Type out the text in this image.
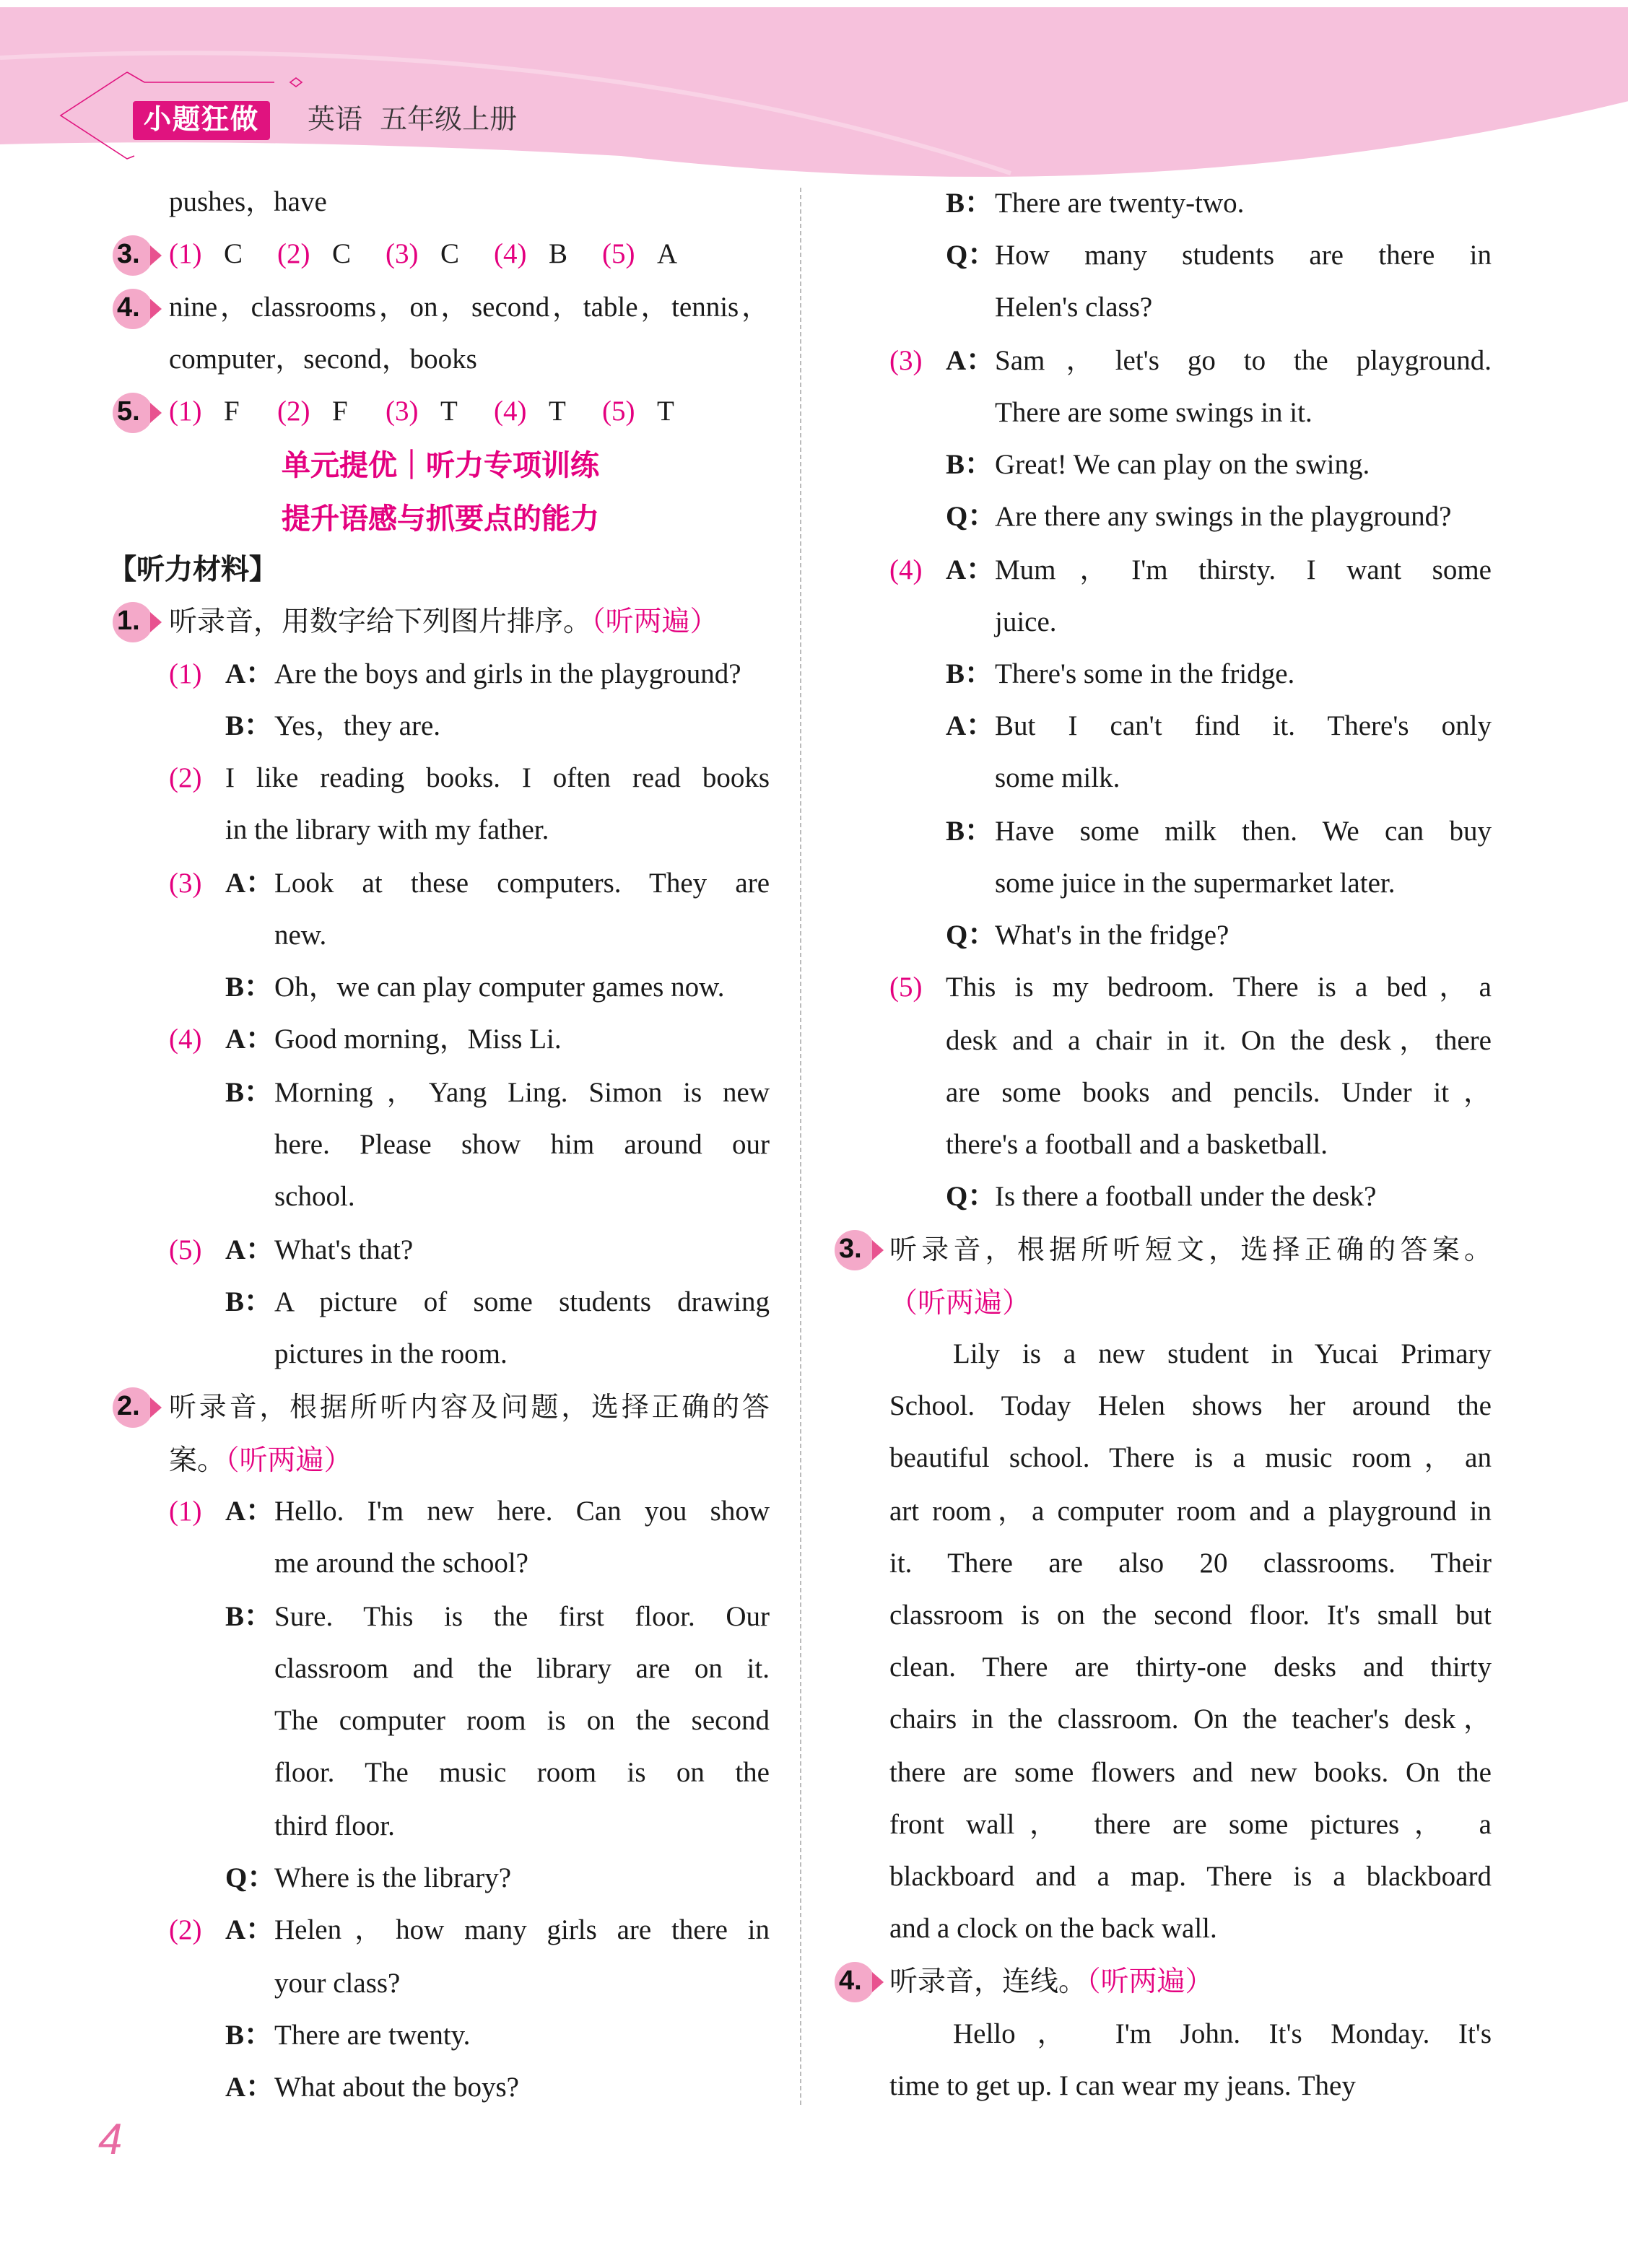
小题狂做	英语  五年级上册
pushes，have
3. (1) C (2) C (3) C (4) B (5) A
4. nine，classrooms，on，second，table，tennis，
computer，second，books
5. (1) F	(2) F	(3) T	(4) T	(5) T
单元提优｜听力专项训练
提升语感与抓要点的能力
【听力材料】
1. 听录音，用数字给下列图片排序。（听两遍）
(1) A： Are the boys and girls in the playground?
B： Yes，they are.
(2) I like reading books. I often read books
in the library with my father.
(3) A： Look at these computers. They are
new.
B： Oh，we can play computer games now.
(4) A： Good morning，Miss Li.
B： Morning，Yang Ling. Simon is new
here. Please show him around our
school.
(5) A： What's that?
B： A picture of some students drawing
pictures in the room.
2. 听录音，根据所听内容及问题，选择正确的答
案。（听两遍）
(1) A： Hello. I'm new here. Can you show
me around the school?
B： Sure. This is the first floor. Our
classroom and the library are on it.
The computer room is on the second
floor. The music room is on the
third floor.
Q：
Where is the library?
(2) A： Helen，how many girls are there in
your class?
B： There are twenty.
A： What about the boys?
B： There are twenty-two.
Q：
How many students are there in
Helen's class?
(3) A： Sam，let's go to the playground.
There are some swings in it.
B： Great! We can play on the swing.
Q：
Are there any swings in the playground?
(4) A： Mum，I'm thirsty. I want some
juice.
B： There's some in the fridge.
A： But I can't find it. There's only
some milk.
B： Have some milk then. We can buy
some juice in the supermarket later.
Q：
What's in the fridge?
(5) This is my bedroom. There is a bed，a
desk and a chair in it. On the desk，there
are some books and pencils. Under it，
there's a football and a basketball.
Q：
Is there a football under the desk?
3. 听录音，根据所听短文，选择正确的答案。
（听两遍）
Lily is a new student in Yucai Primary
School. Today Helen shows her around the
beautiful school. There is a music room，an
art room，a computer room and a playground in
it. There are also 20 classrooms. Their
classroom is on the second floor. It's small but
clean. There are thirty-one desks and thirty
chairs in the classroom. On the teacher's desk，
there are some flowers and new books. On the
front wall， there are some pictures， a
blackboard and a map. There is a blackboard
and a clock on the back wall.
4. 听录音，连线。（听两遍）
Hello， I'm John. It's Monday. It's
time to get up. I can wear my jeans. They
4
